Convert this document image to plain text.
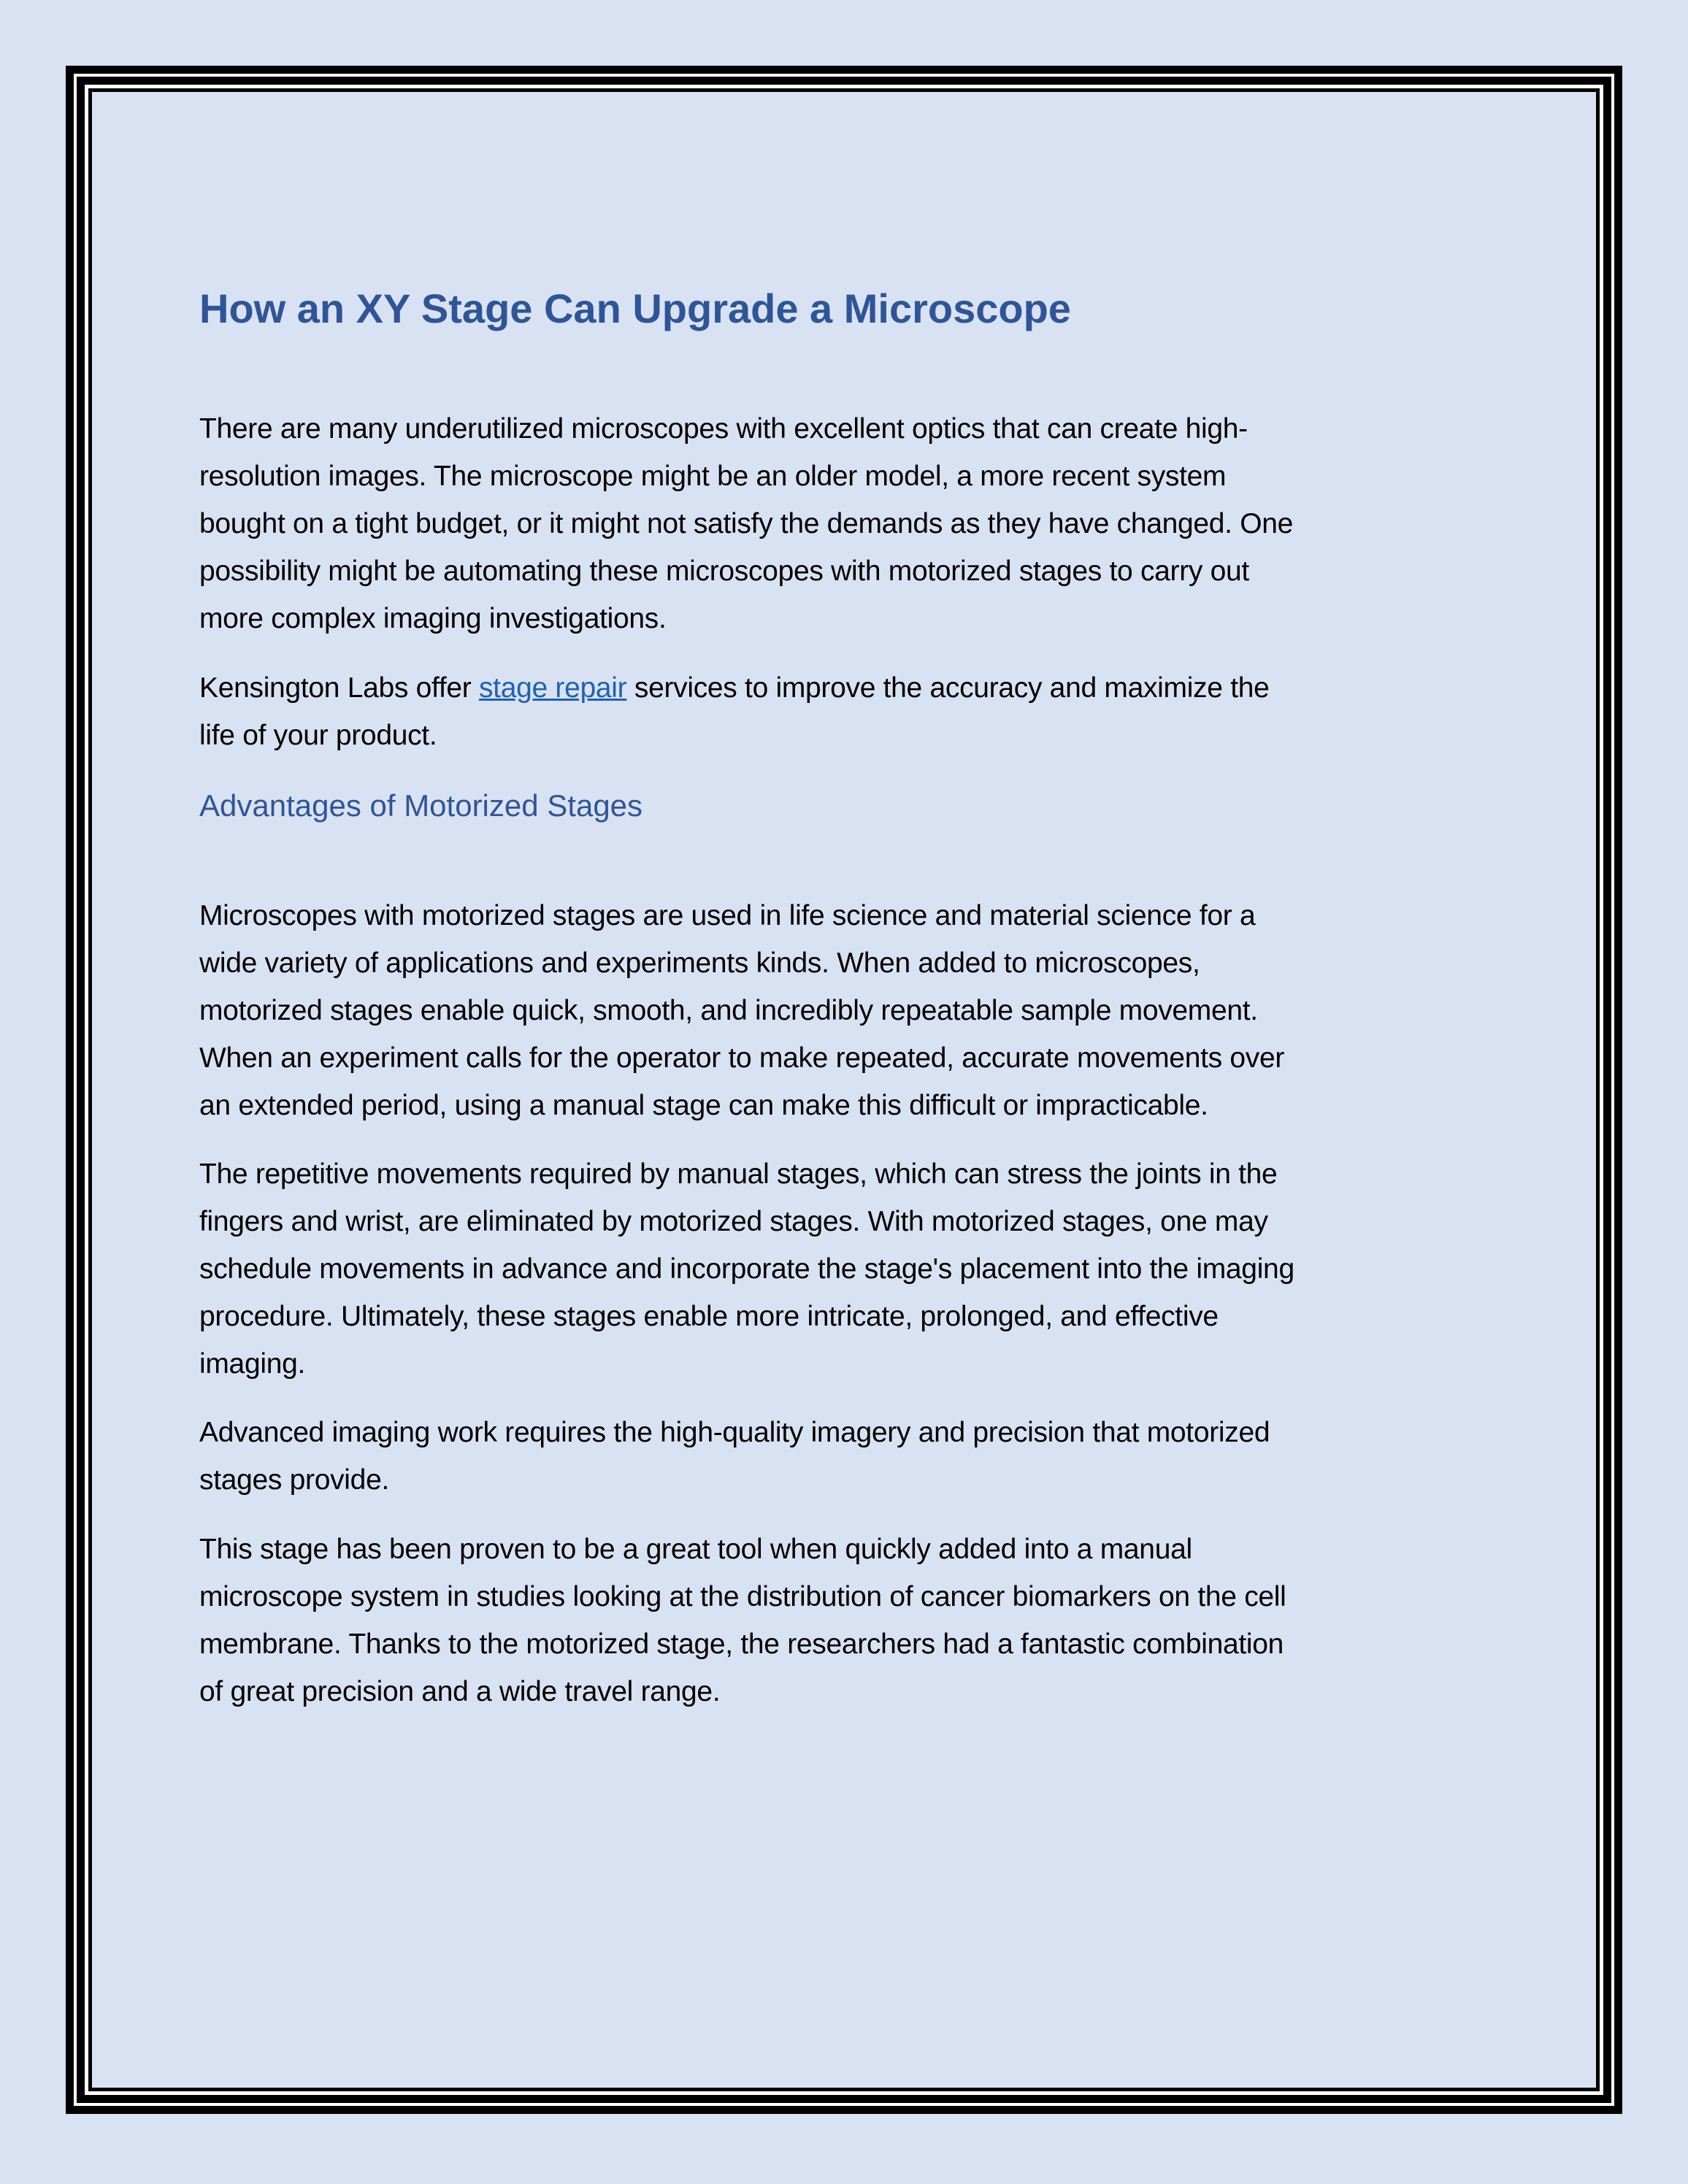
How an XY Stage Can Upgrade a Microscope
There are many underutilized microscopes with excellent optics that can create high-
resolution images. The microscope might be an older model, a more recent system
bought on a tight budget, or it might not satisfy the demands as they have changed. One
possibility might be automating these microscopes with motorized stages to carry out
more complex imaging investigations.
Kensington Labs offer stage repair services to improve the accuracy and maximize the
life of your product.
Advantages of Motorized Stages
Microscopes with motorized stages are used in life science and material science for a
wide variety of applications and experiments kinds. When added to microscopes,
motorized stages enable quick, smooth, and incredibly repeatable sample movement.
When an experiment calls for the operator to make repeated, accurate movements over
an extended period, using a manual stage can make this difficult or impracticable.
The repetitive movements required by manual stages, which can stress the joints in the
fingers and wrist, are eliminated by motorized stages. With motorized stages, one may
schedule movements in advance and incorporate the stage's placement into the imaging
procedure. Ultimately, these stages enable more intricate, prolonged, and effective
imaging.
Advanced imaging work requires the high-quality imagery and precision that motorized
stages provide.
This stage has been proven to be a great tool when quickly added into a manual
microscope system in studies looking at the distribution of cancer biomarkers on the cell
membrane. Thanks to the motorized stage, the researchers had a fantastic combination
of great precision and a wide travel range.
